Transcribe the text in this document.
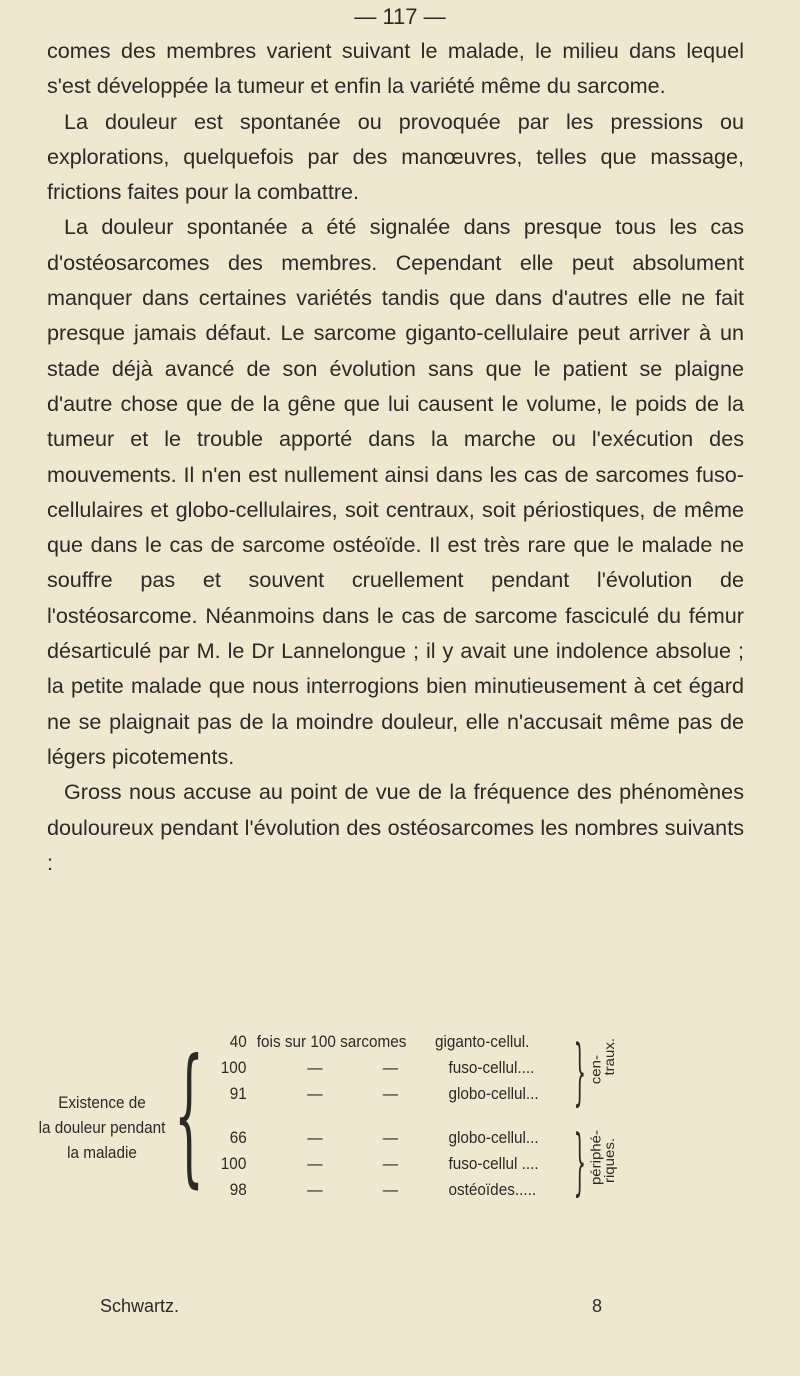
— 117 —

comes des membres varient suivant le malade, le milieu dans lequel s'est développée la tumeur et enfin la variété même du sarcome.

La douleur est spontanée ou provoquée par les pressions ou explorations, quelquefois par des manœuvres, telles que massage, frictions faites pour la combattre.

La douleur spontanée a été signalée dans presque tous les cas d'ostéosarcomes des membres. Cependant elle peut absolument manquer dans certaines variétés tandis que dans d'autres elle ne fait presque jamais défaut. Le sarcome giganto-cellulaire peut arriver à un stade déjà avancé de son évolution sans que le patient se plaigne d'autre chose que de la gêne que lui causent le volume, le poids de la tumeur et le trouble apporté dans la marche ou l'exécution des mouvements. Il n'en est nullement ainsi dans les cas de sarcomes fuso-cellulaires et globo-cellulaires, soit centraux, soit périostiques, de même que dans le cas de sarcome ostéoïde. Il est très rare que le malade ne souffre pas et souvent cruellement pendant l'évolution de l'ostéosarcome. Néanmoins dans le cas de sarcome fasciculé du fémur désarticulé par M. le Dr Lannelongue ; il y avait une indolence absolue ; la petite malade que nous interrogions bien minutieusement à cet égard ne se plaignait pas de la moindre douleur, elle n'accusait même pas de légers picotements.

Gross nous accuse au point de vue de la fréquence des phénomènes douloureux pendant l'évolution des ostéosarcomes les nombres suivants :

Existence de
la douleur pendant
la maladie { 40 fois sur 100 sarcomes giganto-cellul.
100	—	—	fuso-cellul....
91	—	—	globo-cellul...
66	—	—	globo-cellul...
100	—	—	fuso-cellul ....
98	—	—	ostéoïdes.....
}
}
cen-
traux.
périphé-
riques.
Schwartz.	8
